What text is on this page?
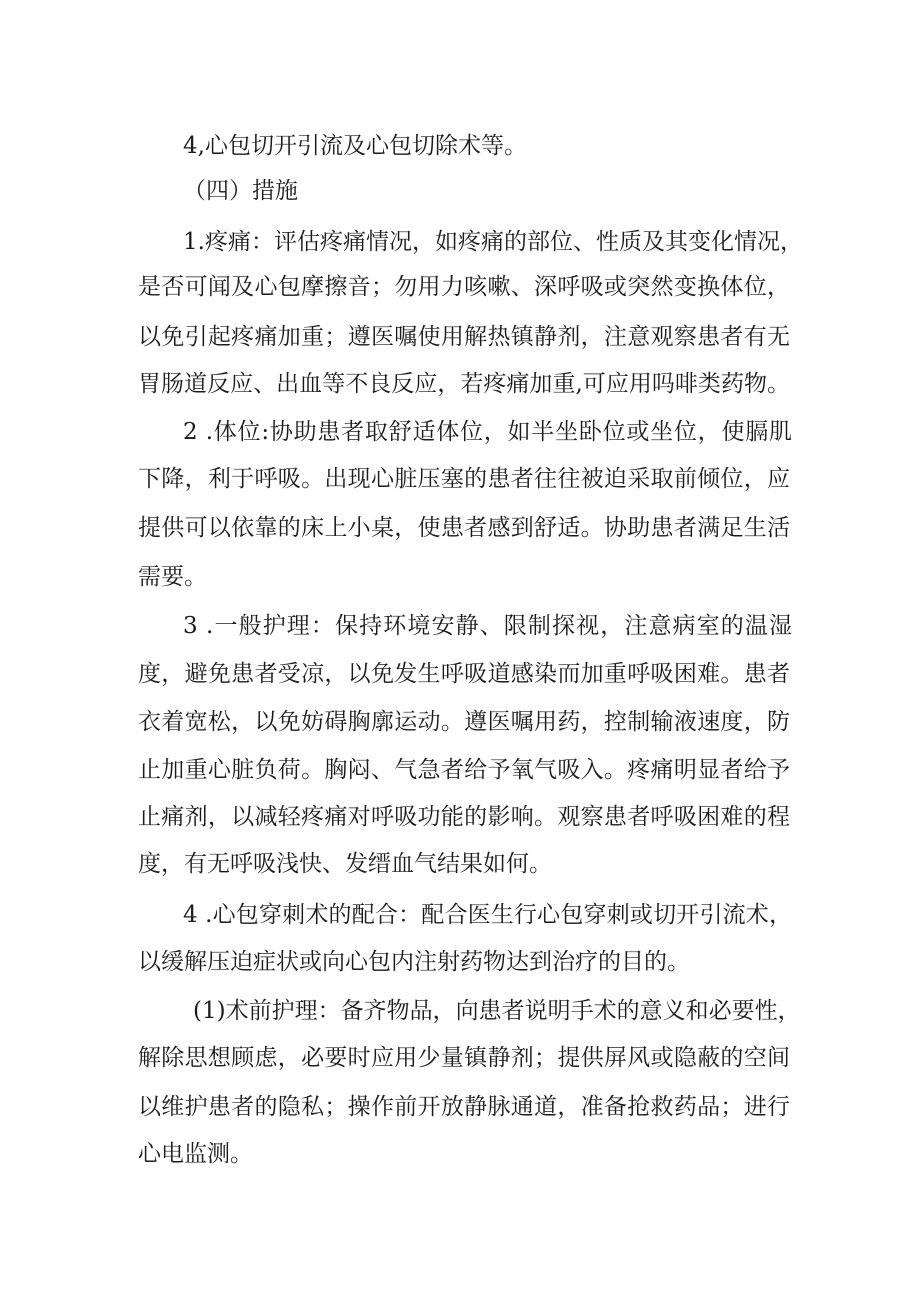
4,心包切开引流及心包切除术等。

（四）措施

1.疼痛：评估疼痛情况，如疼痛的部位、性质及其变化情况，

是否可闻及心包摩擦音；勿用力咳嗽、深呼吸或突然变换体位，

以免引起疼痛加重；遵医嘱使用解热镇静剂，注意观察患者有无

胃肠道反应、出血等不良反应，若疼痛加重,可应用吗啡类药物。

2 .体位:协助患者取舒适体位，如半坐卧位或坐位，使膈肌

下降，利于呼吸。出现心脏压塞的患者往往被迫采取前倾位，应

提供可以依靠的床上小桌，使患者感到舒适。协助患者满足生活

需要。

3 .一般护理：保持环境安静、限制探视，注意病室的温湿

度，避免患者受凉，以免发生呼吸道感染而加重呼吸困难。患者

衣着宽松，以免妨碍胸廓运动。遵医嘱用药，控制输液速度，防

止加重心脏负荷。胸闷、气急者给予氧气吸入。疼痛明显者给予

止痛剂，以减轻疼痛对呼吸功能的影响。观察患者呼吸困难的程

度，有无呼吸浅快、发缙血气结果如何。

4 .心包穿刺术的配合：配合医生行心包穿刺或切开引流术，

以缓解压迫症状或向心包内注射药物达到治疗的目的。

(1)术前护理：备齐物品，向患者说明手术的意义和必要性，

解除思想顾虑，必要时应用少量镇静剂；提供屏风或隐蔽的空间

以维护患者的隐私；操作前开放静脉通道，准备抢救药品；进行

心电监测。
